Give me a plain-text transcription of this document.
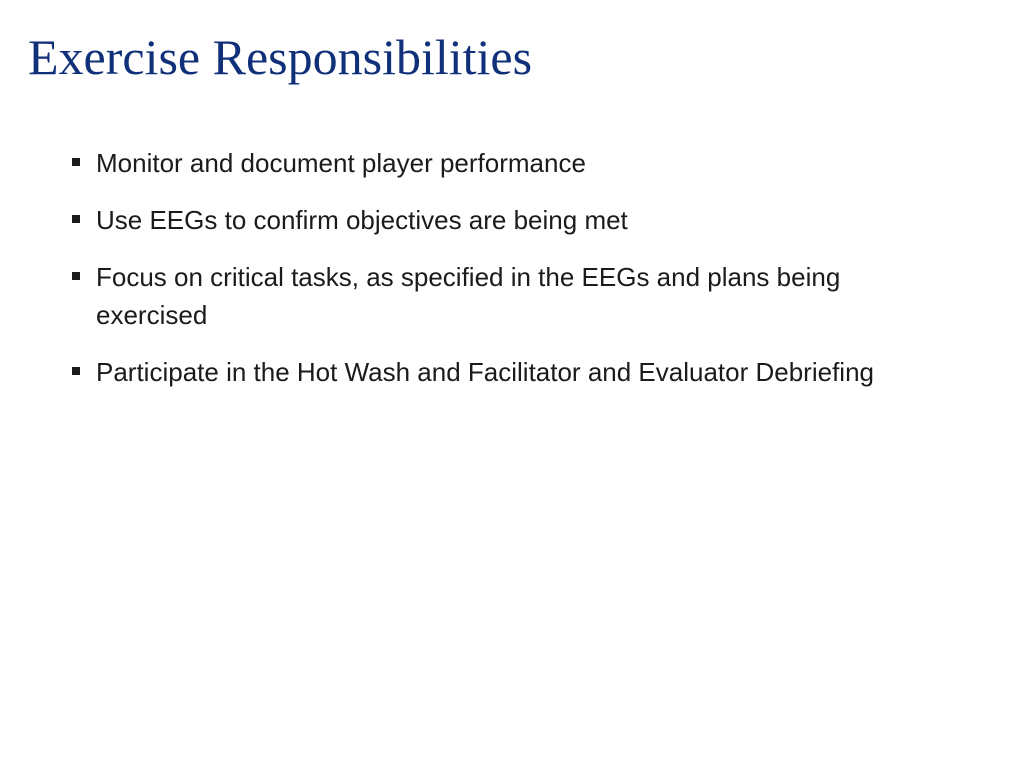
Exercise Responsibilities
Monitor and document player performance
Use EEGs to confirm objectives are being met
Focus on critical tasks, as specified in the EEGs and plans being exercised
Participate in the Hot Wash and Facilitator and Evaluator Debriefing
